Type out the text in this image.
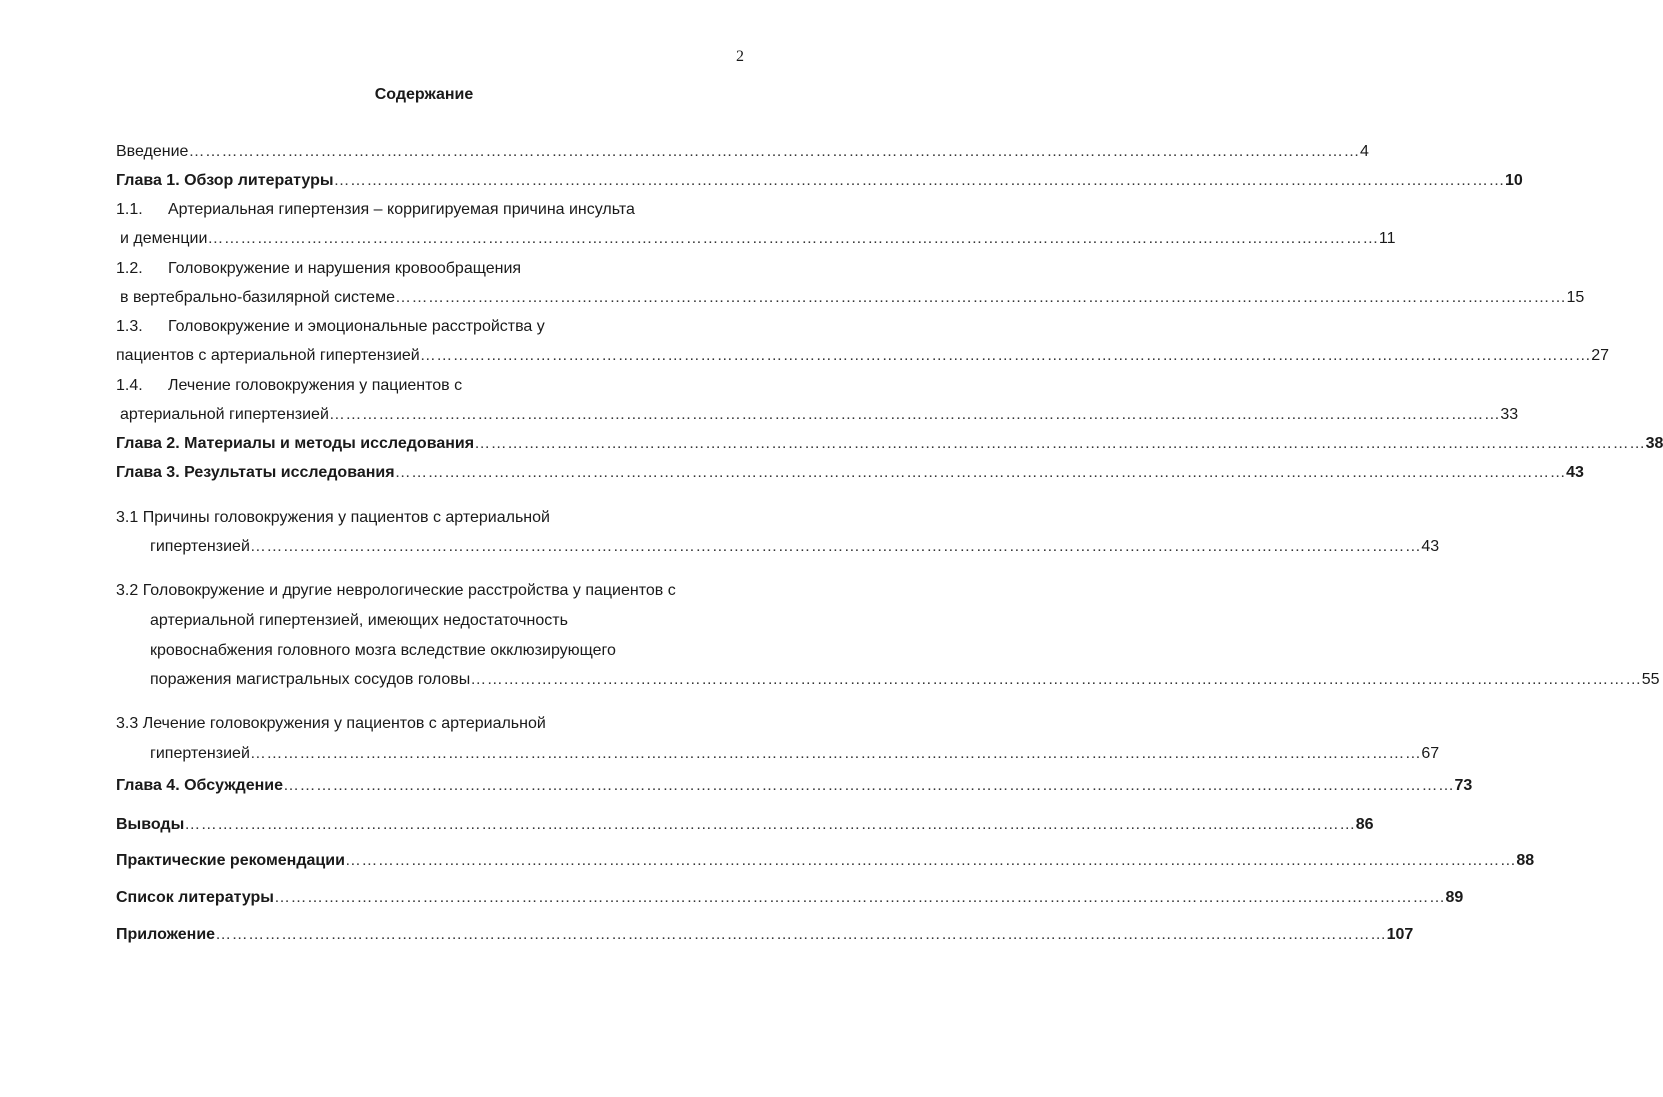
2
Содержание
Введение …………………………………………………………………………………………………………………………………………………………………………………………… 4
Глава 1. Обзор литературы …………………………………………………………………………………………………………………………………………………………………………………………… 10
1.1. Артериальная гипертензия – корригируемая причина инсульта
и деменции …………………………………………………………………………………………………………………………………………………………………………………………… 11
1.2. Головокружение и нарушения кровообращения
в вертебрально-базилярной системе …………………………………………………………………………………………………………………………………………………………………………………………… 15
1.3. Головокружение и эмоциональные расстройства у
пациентов с артериальной гипертензией …………………………………………………………………………………………………………………………………………………………………………………………… 27
1.4. Лечение головокружения у пациентов с
артериальной гипертензией …………………………………………………………………………………………………………………………………………………………………………………………… 33
Глава 2. Материалы и методы исследования …………………………………………………………………………………………………………………………………………………………………………………………… 38
Глава 3. Результаты исследования …………………………………………………………………………………………………………………………………………………………………………………………… 43
3.1 Причины головокружения у пациентов с артериальной
гипертензией …………………………………………………………………………………………………………………………………………………………………………………………… 43
3.2 Головокружение и другие неврологические расстройства у пациентов с
артериальной гипертензией, имеющих недостаточность
кровоснабжения головного мозга вследствие окклюзирующего
поражения магистральных сосудов головы …………………………………………………………………………………………………………………………………………………………………………………………… 55
3.3 Лечение головокружения у пациентов с артериальной
гипертензией …………………………………………………………………………………………………………………………………………………………………………………………… 67
Глава 4. Обсуждение …………………………………………………………………………………………………………………………………………………………………………………………… 73
Выводы …………………………………………………………………………………………………………………………………………………………………………………………… 86
Практические рекомендации …………………………………………………………………………………………………………………………………………………………………………………………… 88
Список литературы …………………………………………………………………………………………………………………………………………………………………………………………… 89
Приложение …………………………………………………………………………………………………………………………………………………………………………………………… 107
